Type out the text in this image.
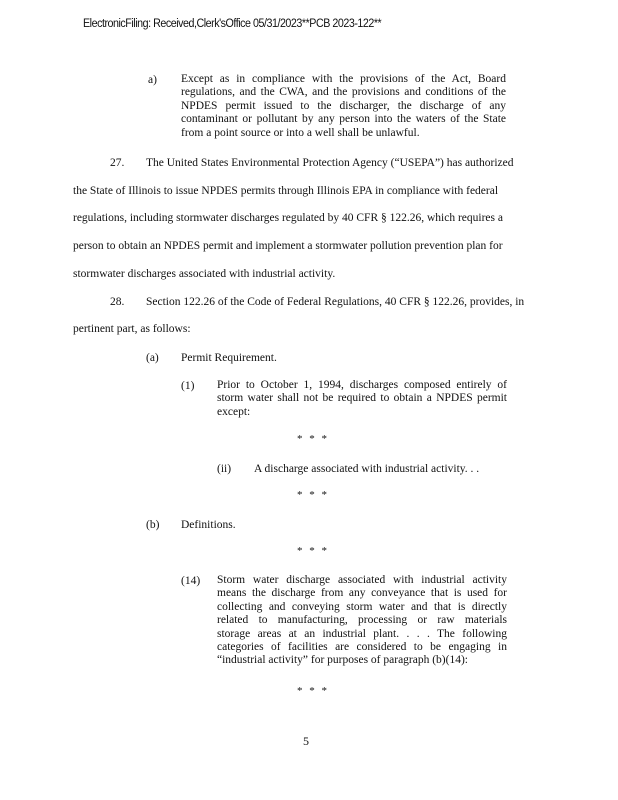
ElectronicFiling: Received,Clerk'sOffice 05/31/2023**PCB 2023-122**
a) Except as in compliance with the provisions of the Act, Board
regulations, and the CWA, and the provisions and conditions of the
NPDES permit issued to the discharger, the discharge of any
contaminant or pollutant by any person into the waters of the State
from a point source or into a well shall be unlawful.
27. The United States Environmental Protection Agency (“USEPA”) has authorized
the State of Illinois to issue NPDES permits through Illinois EPA in compliance with federal
regulations, including stormwater discharges regulated by 40 CFR § 122.26, which requires a
person to obtain an NPDES permit and implement a stormwater pollution prevention plan for
stormwater discharges associated with industrial activity.
28. Section 122.26 of the Code of Federal Regulations, 40 CFR § 122.26, provides, in
pertinent part, as follows:
(a) Permit Requirement.
(1) Prior to October 1, 1994, discharges composed entirely of
storm water shall not be required to obtain a NPDES permit
except:
* * *
(ii) A discharge associated with industrial activity. . .
* * *
(b) Definitions.
* * *
(14) Storm water discharge associated with industrial activity
means the discharge from any conveyance that is used for
collecting and conveying storm water and that is directly
related to manufacturing, processing or raw materials
storage areas at an industrial plant. . . . The following
categories of facilities are considered to be engaging in
“industrial activity” for purposes of paragraph (b)(14):
* * *
5
